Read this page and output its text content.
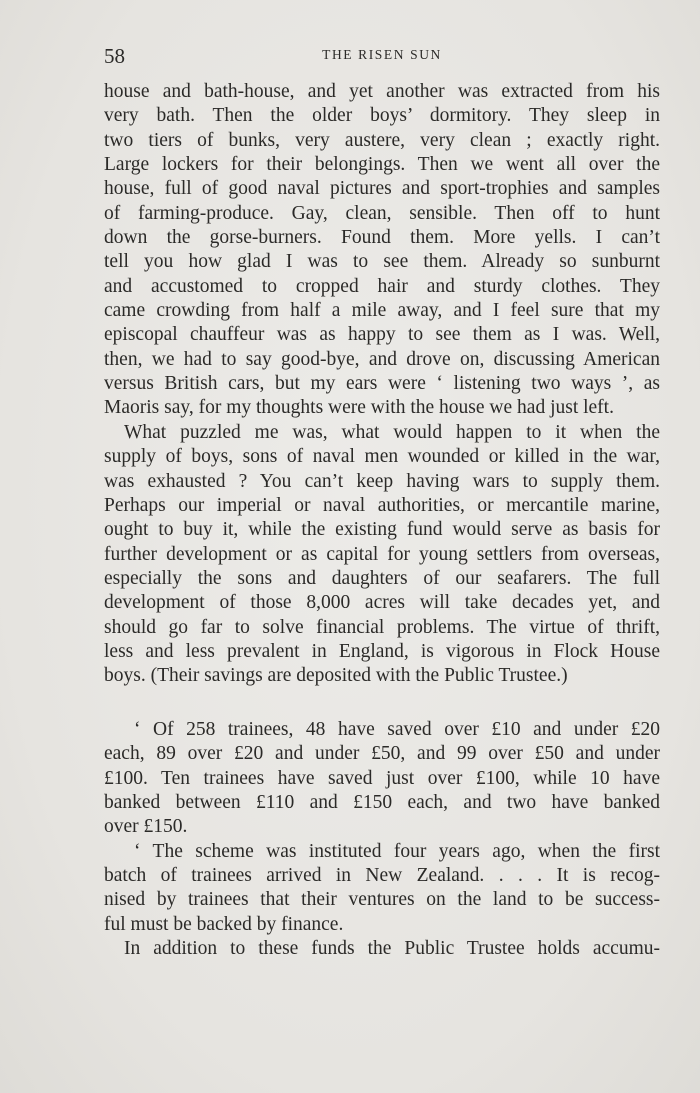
58	THE RISEN SUN
house and bath-house, and yet another was extracted from his
very bath. Then the older boys’ dormitory. They sleep in
two tiers of bunks, very austere, very clean ; exactly right.
Large lockers for their belongings. Then we went all over the
house, full of good naval pictures and sport-trophies and samples
of farming-produce. Gay, clean, sensible. Then off to hunt
down the gorse-burners. Found them. More yells. I can’t
tell you how glad I was to see them. Already so sunburnt
and accustomed to cropped hair and sturdy clothes. They
came crowding from half a mile away, and I feel sure that my
episcopal chauffeur was as happy to see them as I was. Well,
then, we had to say good-bye, and drove on, discussing American
versus British cars, but my ears were ‘ listening two ways ’, as
Maoris say, for my thoughts were with the house we had just left.
What puzzled me was, what would happen to it when the
supply of boys, sons of naval men wounded or killed in the war,
was exhausted ? You can’t keep having wars to supply them.
Perhaps our imperial or naval authorities, or mercantile marine,
ought to buy it, while the existing fund would serve as basis for
further development or as capital for young settlers from overseas,
especially the sons and daughters of our seafarers. The full
development of those 8,000 acres will take decades yet, and
should go far to solve financial problems. The virtue of thrift,
less and less prevalent in England, is vigorous in Flock House
boys. (Their savings are deposited with the Public Trustee.)
‘ Of 258 trainees, 48 have saved over £10 and under £20
each, 89 over £20 and under £50, and 99 over £50 and under
£100. Ten trainees have saved just over £100, while 10 have
banked between £110 and £150 each, and two have banked
over £150.
‘ The scheme was instituted four years ago, when the first
batch of trainees arrived in New Zealand. . . . It is recog-
nised by trainees that their ventures on the land to be success-
ful must be backed by finance.
In addition to these funds the Public Trustee holds accumu-
